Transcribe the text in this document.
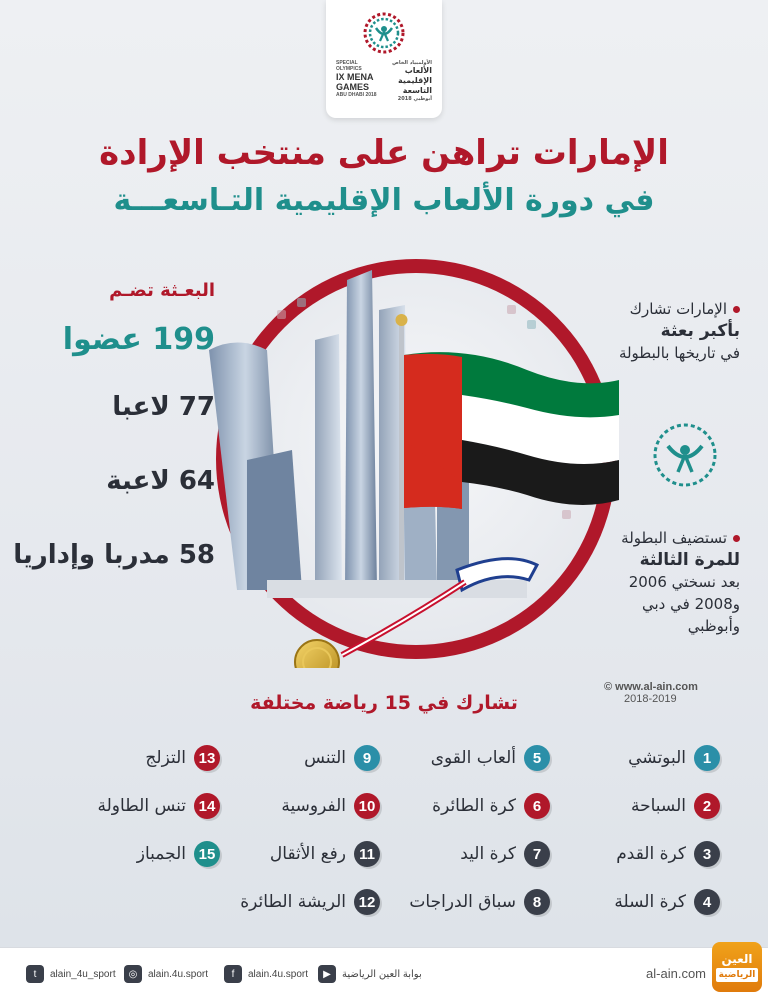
SPECIAL OLYMPICS
IX MENA
GAMES
ABU DHABI 2018
الأولمبياد الخاص
الألعاب الإقليمية
التاسعة
أبوظبي 2018
الإمارات تراهن على منتخب الإرادة
في دورة الألعاب الإقليمية التـاسعـــة
البعـثة تضـم
199 عضوا
77 لاعبا
64 لاعبة
58 مدربا وإداريا
الإمارات تشارك
بأكبر بعثة
في تاريخها بالبطولة
تستضيف البطولة
للمرة الثالثة
بعد نسختي 2006
و2008 في دبي
وأبوظبي
© www.al-ain.com
2018-2019
تشارك في 15 رياضة مختلفة
1
البوتشي
2
السباحة
3
كرة القدم
4
كرة السلة
5
ألعاب القوى
6
كرة الطائرة
7
كرة اليد
8
سباق الدراجات
9
التنس
10
الفروسية
11
رفع الأثقال
12
الريشة الطائرة
13
التزلج
14
تنس الطاولة
15
الجمباز
t	alain_4u_sport	◎	alain.4u.sport	f	alain.4u.sport	▶	بوابة العين الرياضية	al-ain.com
العين
الرياضية
